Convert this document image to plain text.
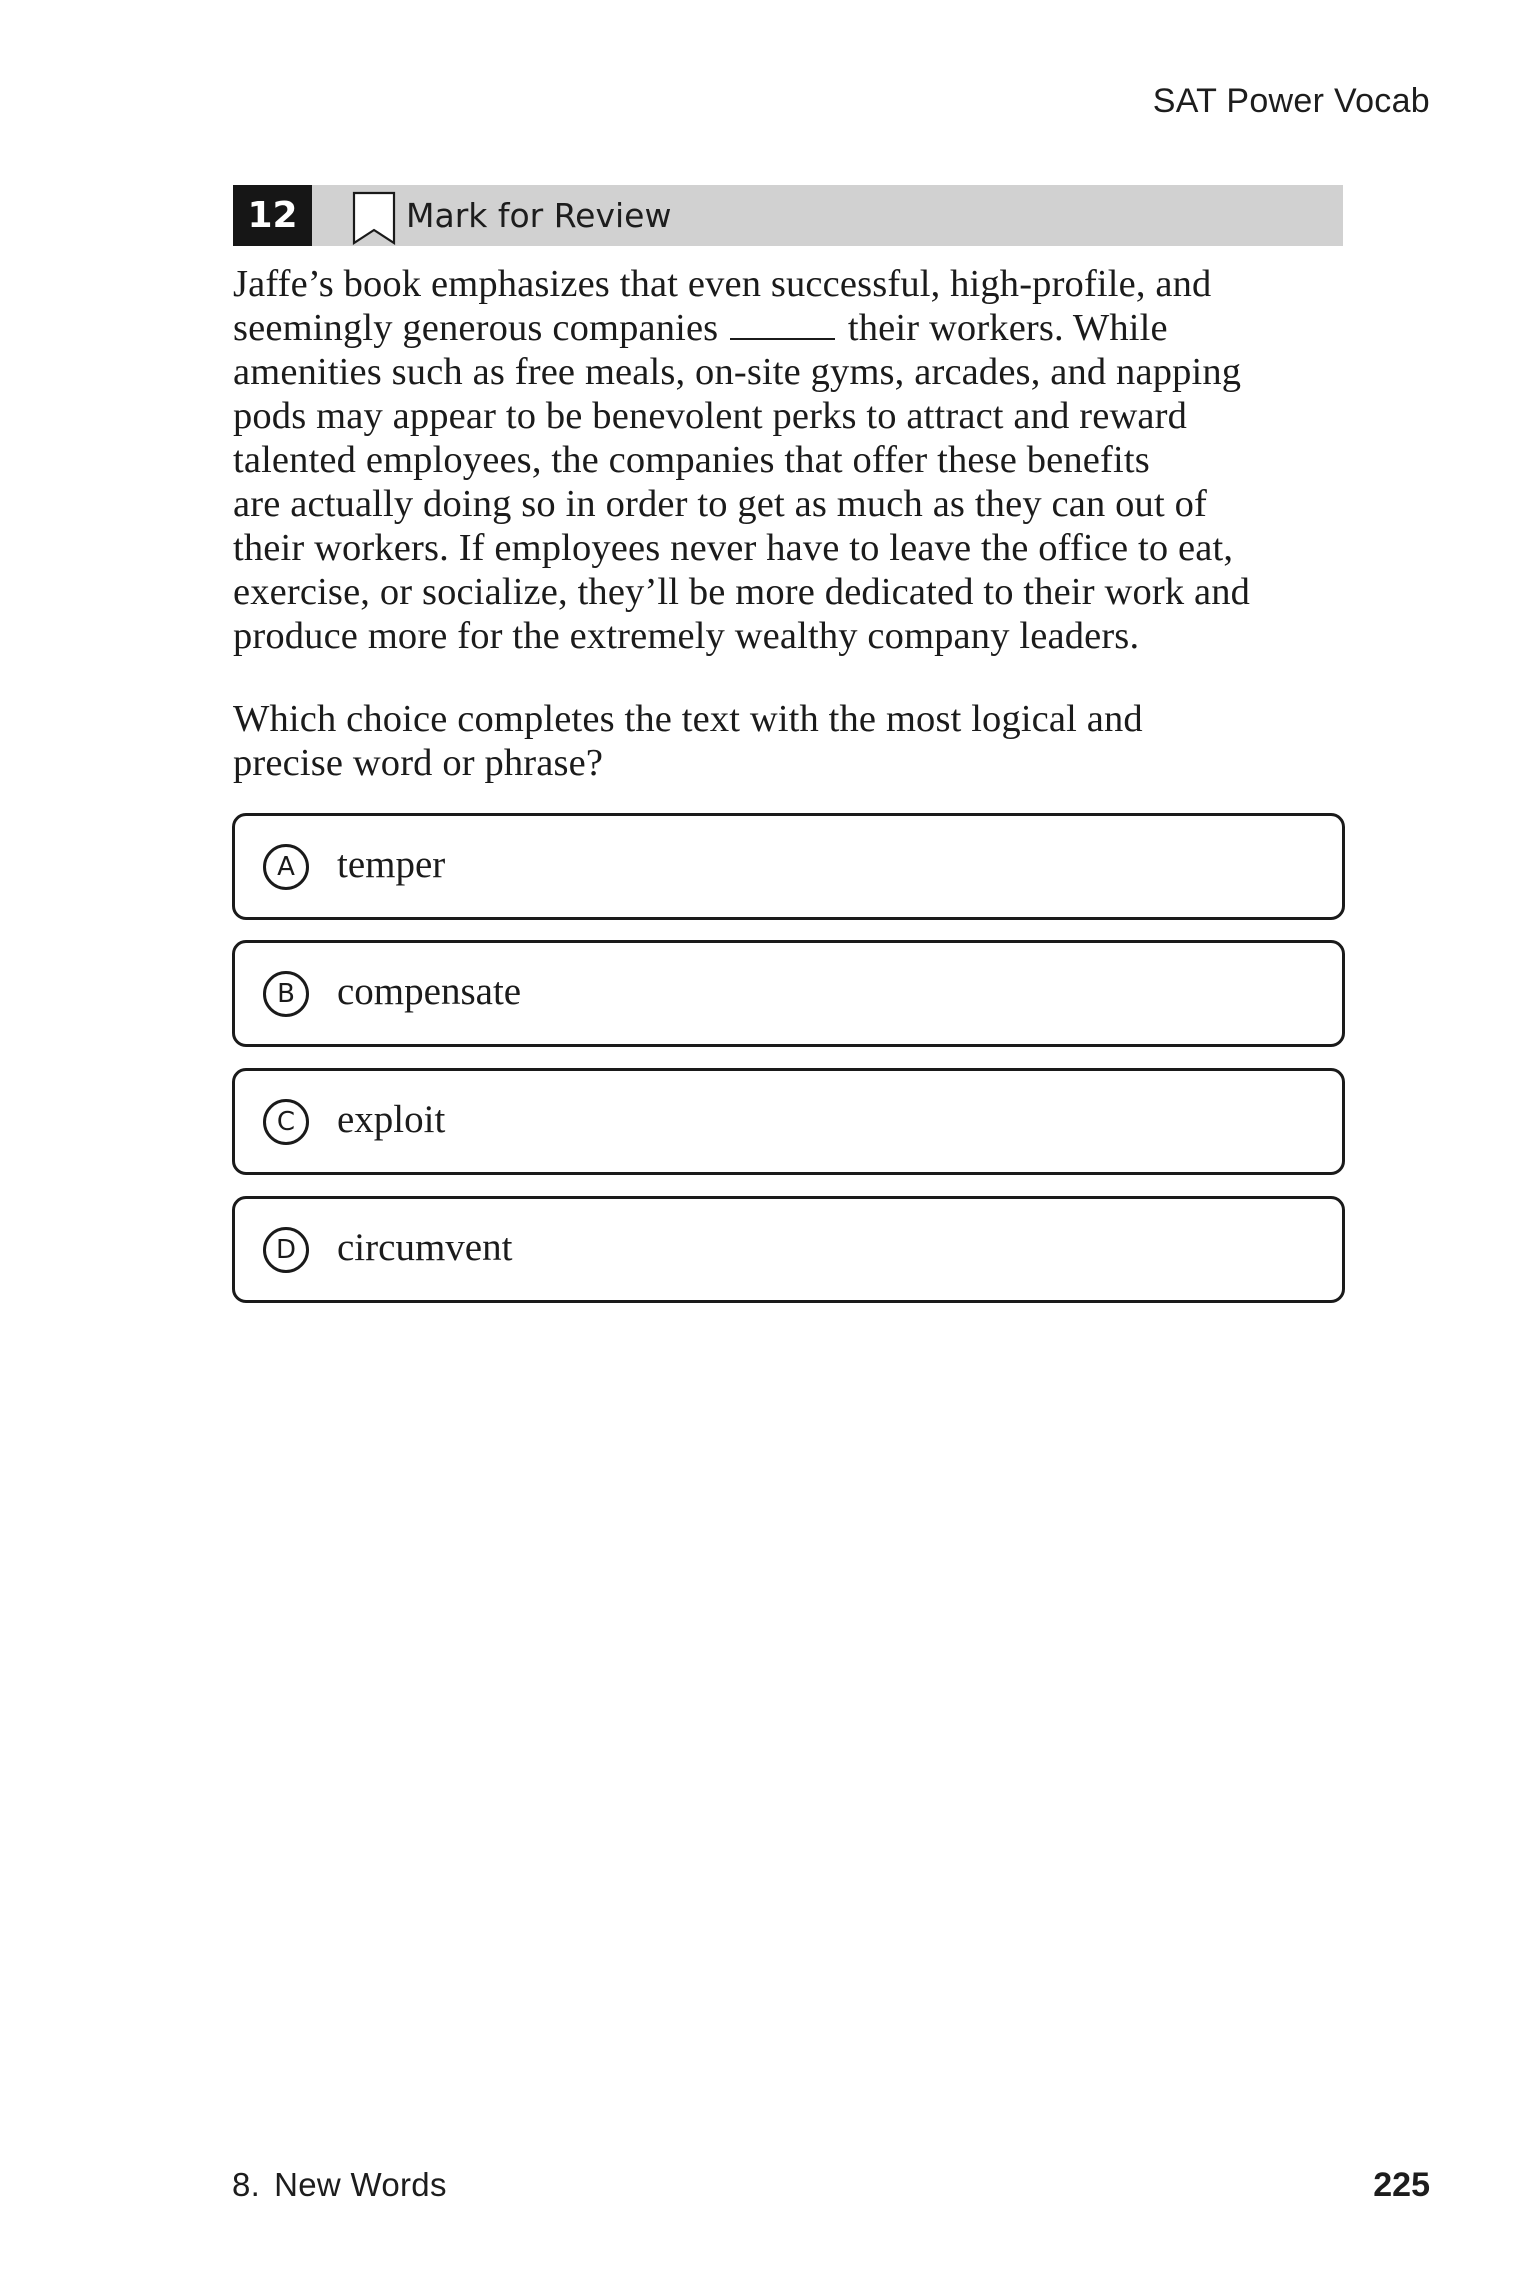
SAT Power Vocab
12	Mark for Review
Jaffe’s book emphasizes that even successful, high-profile, and
seemingly generous companies	their workers. While
amenities such as free meals, on-site gyms, arcades, and napping
pods may appear to be benevolent perks to attract and reward
talented employees, the companies that offer these benefits
are actually doing so in order to get as much as they can out of
their workers. If employees never have to leave the office to eat,
exercise, or socialize, they’ll be more dedicated to their work and
produce more for the extremely wealthy company leaders.
Which choice completes the text with the most logical and
precise word or phrase?
A	temper
B	compensate
C	exploit
D	circumvent
8. New Words	225
